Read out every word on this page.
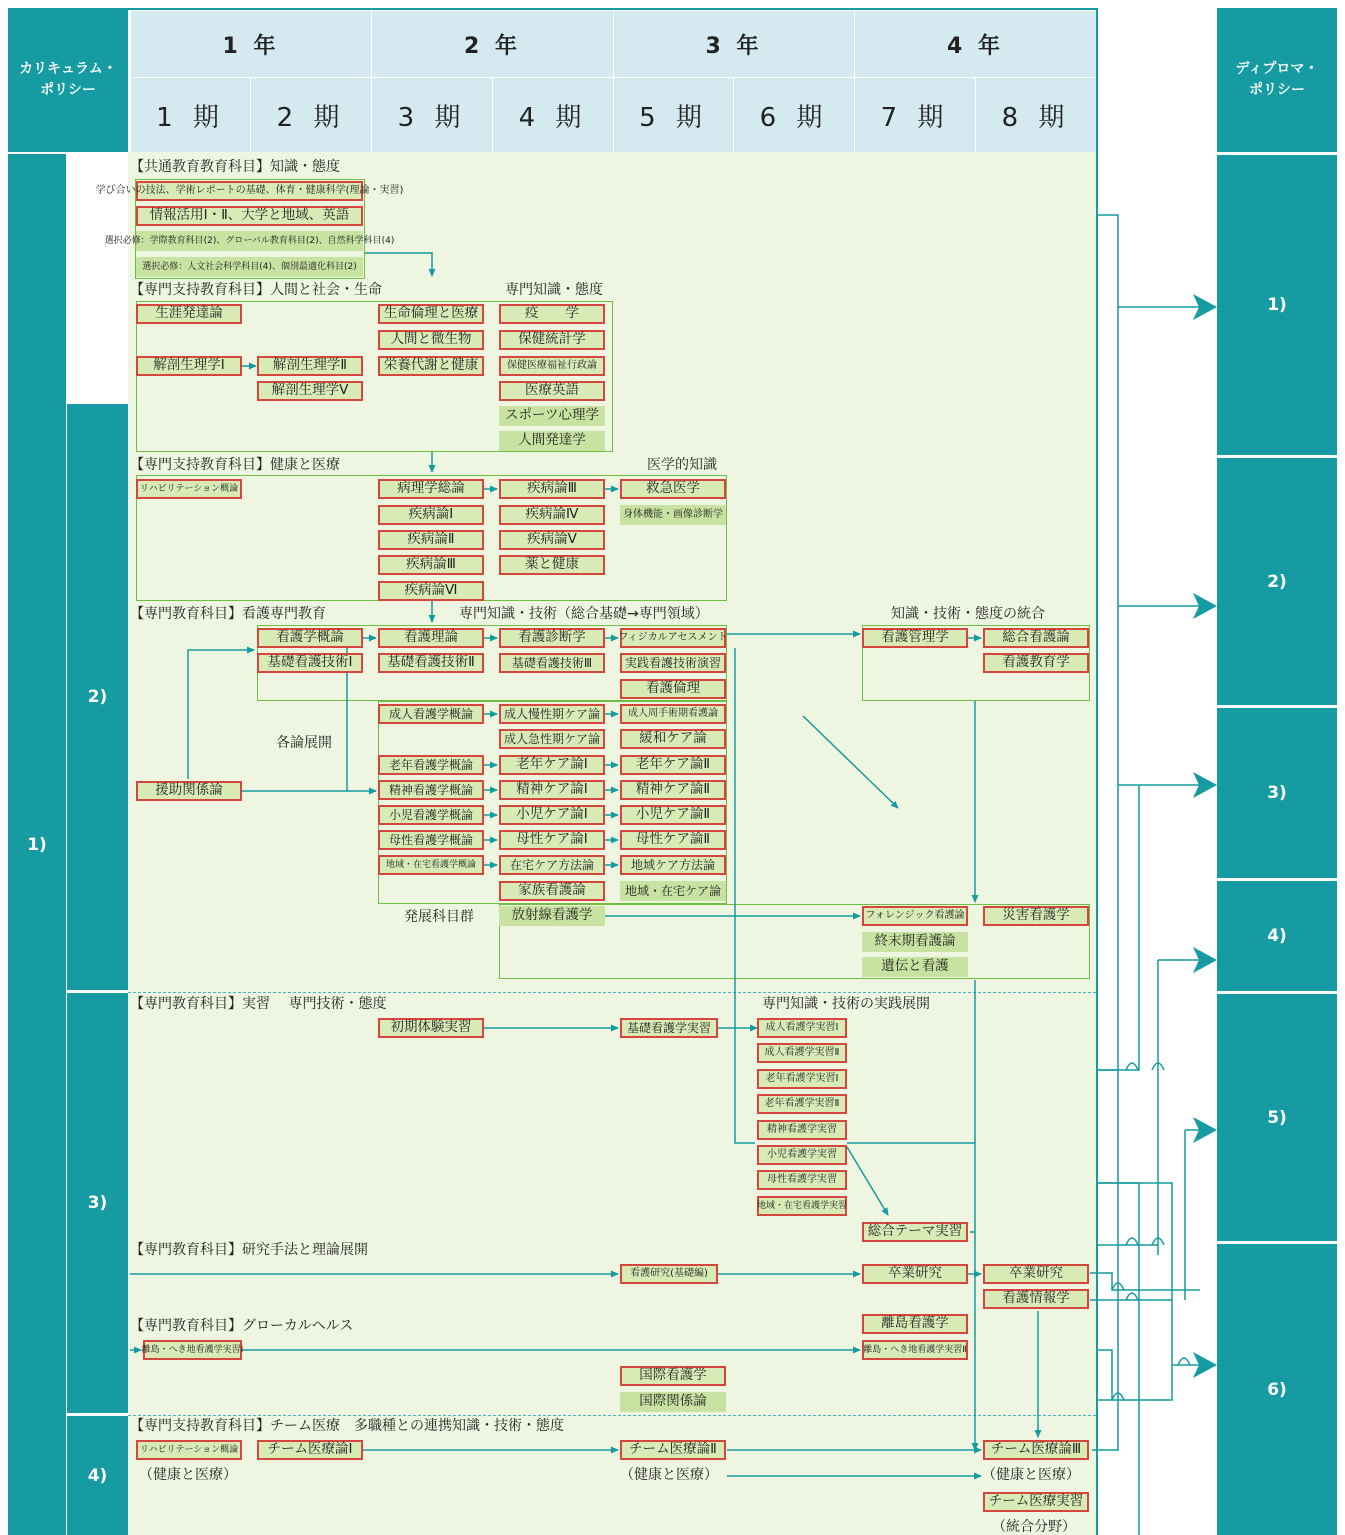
カリキュラム・
ポリシー
ディプロマ・
ポリシー
1 年	2 年	3 年	4 年
1 期	2 期	3 期	4 期	5 期	6 期	7 期	8 期
1)
2)
3)
4)
1)
2)
3)
4)
5)
6)
【共通教育教育科目】知識・態度
【専門支持教育科目】人間と社会・生命	専門知識・態度
【専門支持教育科目】健康と医療	医学的知識
【専門教育科目】看護専門教育	専門知識・技術（総合基礎→専門領域）	知識・技術・態度の統合
各論展開
発展科目群
【専門教育科目】実習　 専門技術・態度	専門知識・技術の実践展開
【専門教育科目】研究手法と理論展開
【専門教育科目】グローカルヘルス
【専門支持教育科目】チーム医療　多職種との連携知識・技術・態度
（健康と医療）	（健康と医療）	（健康と医療）
（統合分野）
学び合いの技法、学術レポートの基礎、体育・健康科学(理論・実習)
情報活用Ⅰ・Ⅱ、大学と地域、英語
選択必修：学際教育科目(2)、グローバル教育科目(2)、自然科学科目(4)
選択必修：人文社会科学科目(4)、個別最適化科目(2)
生涯発達論
解剖生理学Ⅰ	解剖生理学Ⅱ
解剖生理学Ⅴ
生命倫理と医療
人間と微生物
栄養代謝と健康
疫　　学
保健統計学
保健医療福祉行政論
医療英語
スポーツ心理学
人間発達学
リハビリテーション概論	病理学総論
疾病論Ⅰ
疾病論Ⅱ
疾病論Ⅲ
疾病論Ⅵ
疾病論Ⅲ
疾病論Ⅳ
疾病論Ⅴ
薬と健康
救急医学
身体機能・画像診断学
看護学概論
基礎看護技術Ⅰ
看護理論
基礎看護技術Ⅱ
看護診断学
基礎看護技術Ⅲ
フィジカルアセスメント
実践看護技術演習
看護倫理
看護管理学	総合看護論
看護教育学
援助関係論
成人看護学概論	成人慢性期ケア論	成人周手術期看護論
成人急性期ケア論	緩和ケア論
老年看護学概論	老年ケア論Ⅰ	老年ケア論Ⅱ
精神看護学概論	精神ケア論Ⅰ	精神ケア論Ⅱ
小児看護学概論	小児ケア論Ⅰ	小児ケア論Ⅱ
母性看護学概論	母性ケア論Ⅰ	母性ケア論Ⅱ
地域・在宅看護学概論	在宅ケア方法論	地域ケア方法論
家族看護論	地域・在宅ケア論
放射線看護学	フォレンジック看護論	災害看護学
終末期看護論
遺伝と看護
初期体験実習	基礎看護学実習	成人看護学実習Ⅰ
成人看護学実習Ⅱ
老年看護学実習Ⅰ
老年看護学実習Ⅱ
精神看護学実習
小児看護学実習
母性看護学実習
地域・在宅看護学実習
総合テーマ実習
看護研究(基礎編)	卒業研究	卒業研究
看護情報学
離島・へき地看護学実習Ⅰ
離島看護学
離島・へき地看護学実習Ⅱ
国際看護学
国際関係論
リハビリテーション概論	チーム医療論Ⅰ	チーム医療論Ⅱ	チーム医療論Ⅲ
チーム医療実習
